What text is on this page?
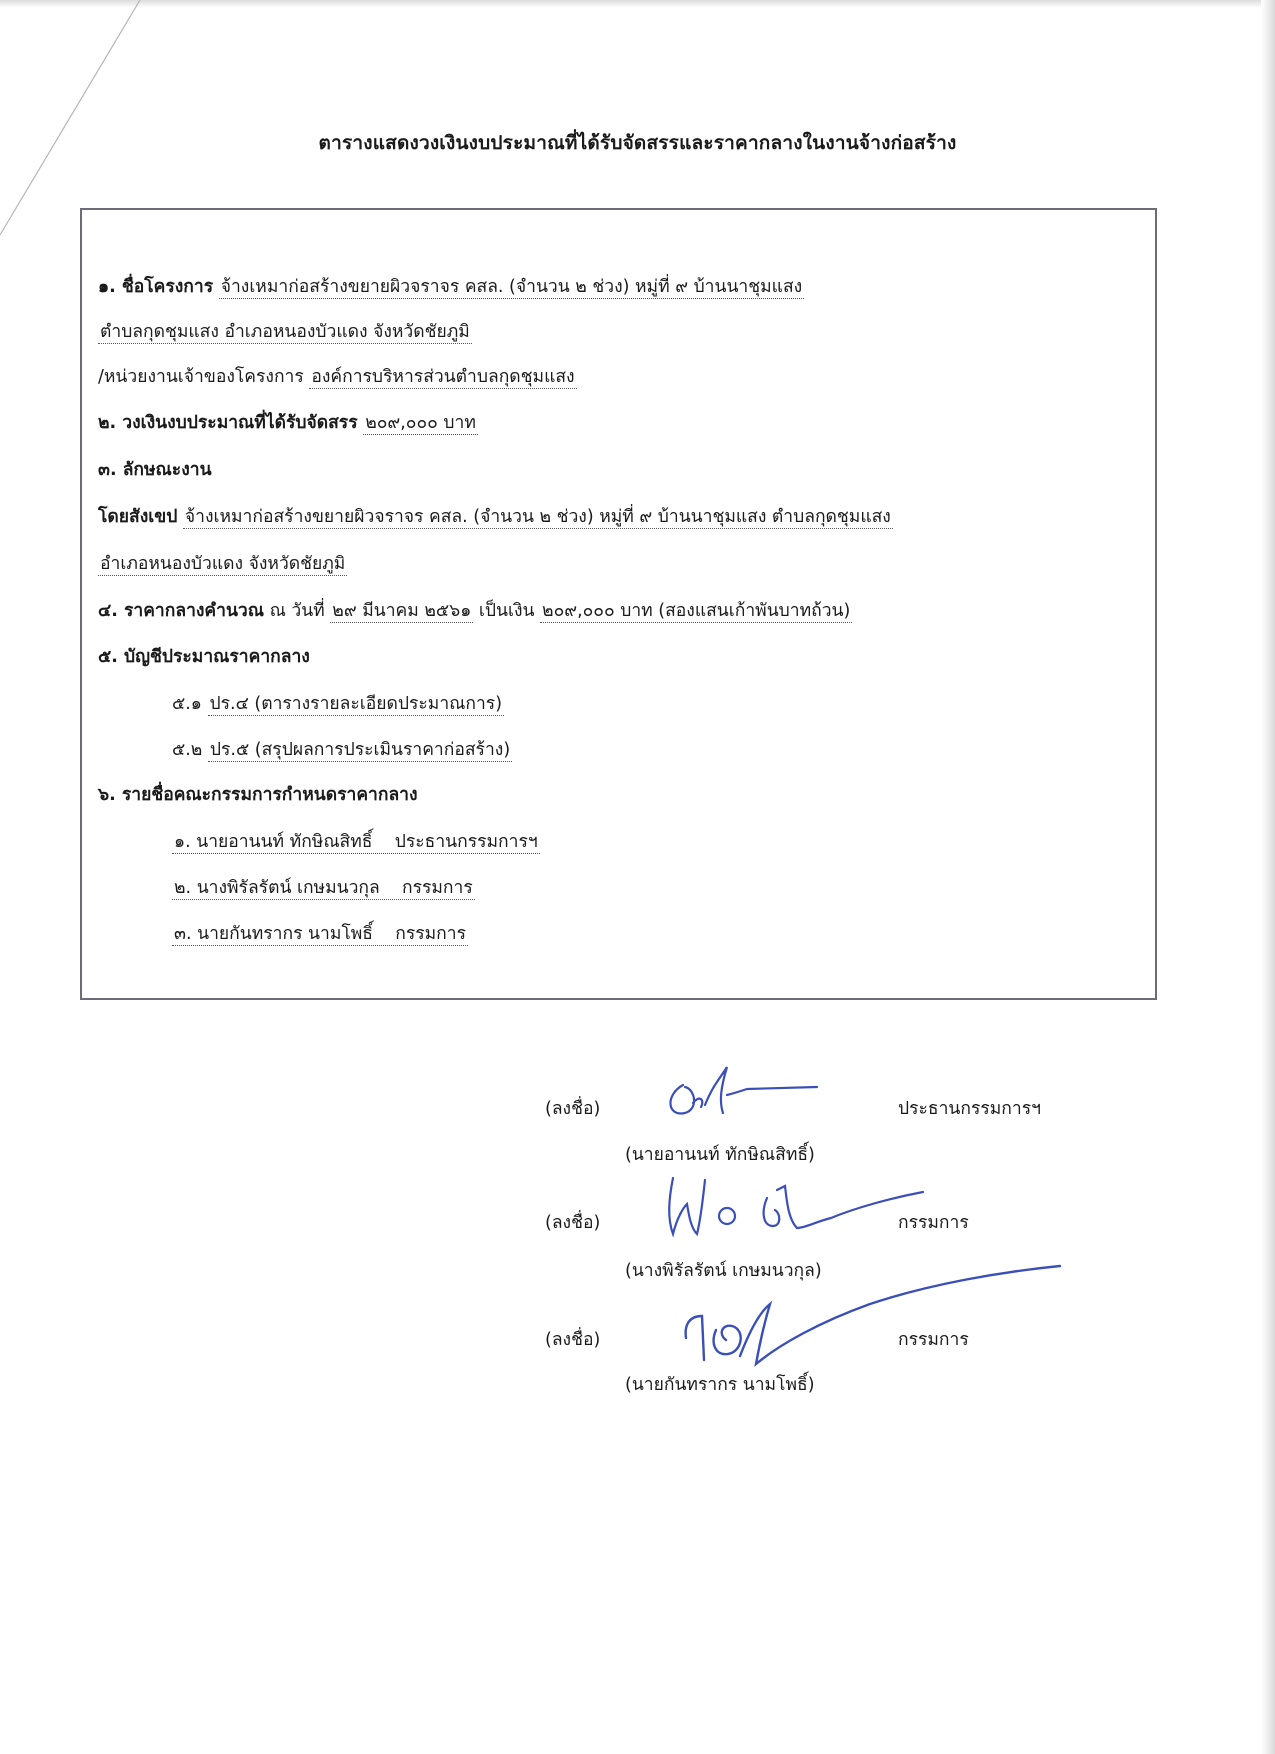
ตารางแสดงวงเงินงบประมาณที่ได้รับจัดสรรและราคากลางในงานจ้างก่อสร้าง
๑. ชื่อโครงการ จ้างเหมาก่อสร้างขยายผิวจราจร คสล. (จำนวน ๒ ช่วง) หมู่ที่ ๙ บ้านนาชุมแสง
ตำบลกุดชุมแสง อำเภอหนองบัวแดง จังหวัดชัยภูมิ
/หน่วยงานเจ้าของโครงการ องค์การบริหารส่วนตำบลกุดชุมแสง
๒. วงเงินงบประมาณที่ได้รับจัดสรร ๒๐๙,๐๐๐ บาท
๓. ลักษณะงาน
โดยสังเขป จ้างเหมาก่อสร้างขยายผิวจราจร คสล. (จำนวน ๒ ช่วง) หมู่ที่ ๙ บ้านนาชุมแสง ตำบลกุดชุมแสง
อำเภอหนองบัวแดง จังหวัดชัยภูมิ
๔. ราคากลางคำนวณ ณ วันที่ ๒๙ มีนาคม ๒๕๖๑ เป็นเงิน ๒๐๙,๐๐๐ บาท (สองแสนเก้าพันบาทถ้วน)
๕. บัญชีประมาณราคากลาง
๕.๑ ปร.๔ (ตารางรายละเอียดประมาณการ)
๕.๒ ปร.๕ (สรุปผลการประเมินราคาก่อสร้าง)
๖. รายชื่อคณะกรรมการกำหนดราคากลาง
๑. นายอานนท์ ทักษิณสิทธิ์ ประธานกรรมการฯ
๒. นางพิรัลรัตน์ เกษมนวกุล กรรมการ
๓. นายกันทรากร นามโพธิ์ กรรมการ
(ลงชื่อ)	ประธานกรรมการฯ
(นายอานนท์ ทักษิณสิทธิ์)
(ลงชื่อ)	กรรมการ
(นางพิรัลรัตน์ เกษมนวกุล)
(ลงชื่อ)	กรรมการ
(นายกันทรากร นามโพธิ์)
